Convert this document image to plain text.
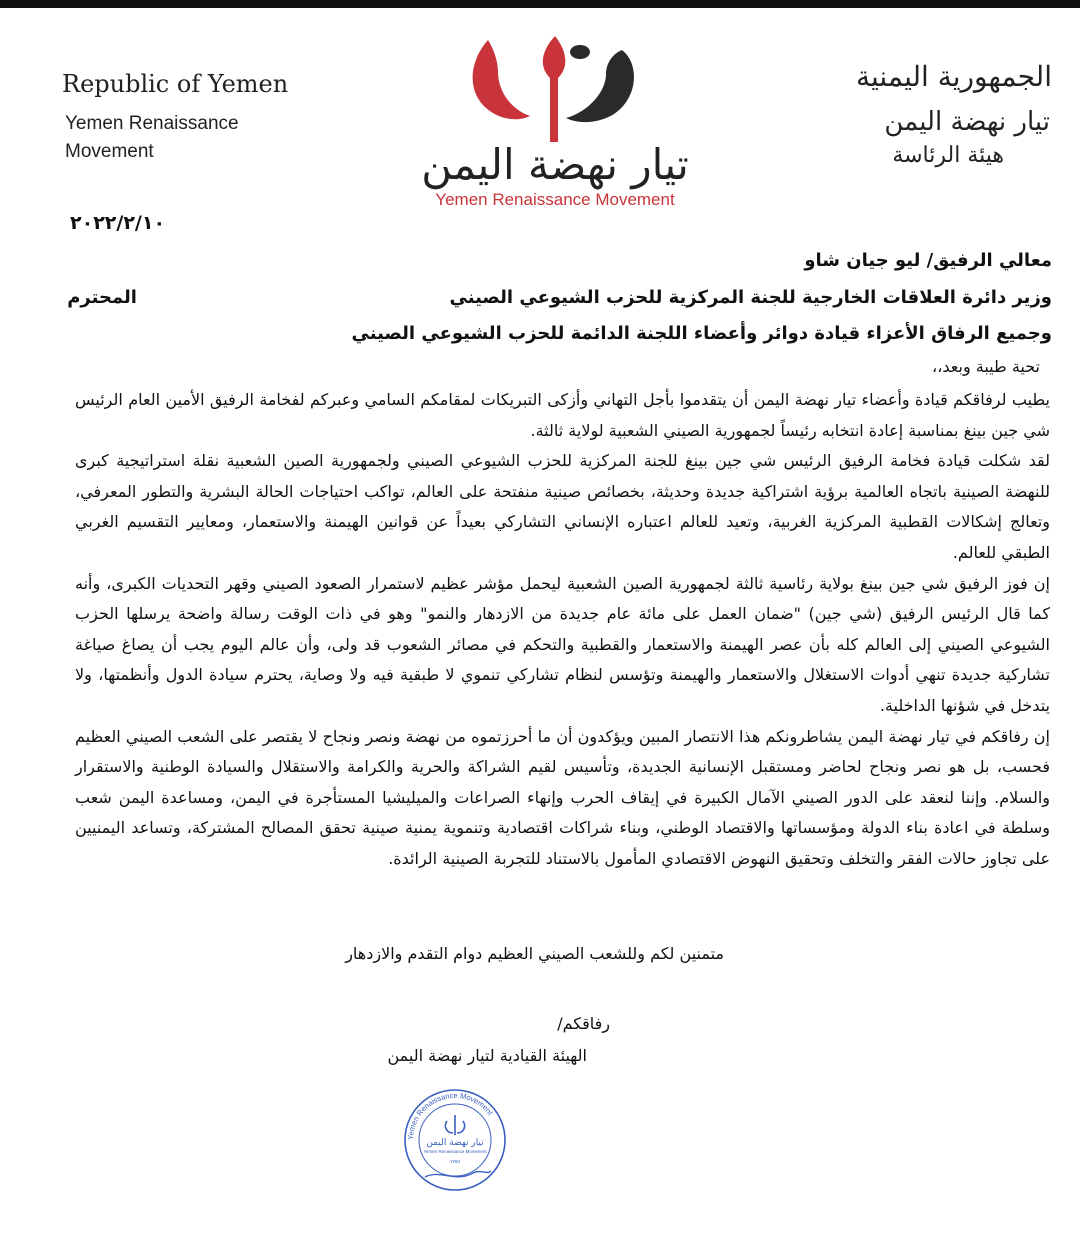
Republic of Yemen
Yemen Renaissance
Movement	تيار نهضة اليمن
Yemen Renaissance Movement
الجمهورية اليمنية
تيار نهضة اليمن
هيئة الرئاسة
٢٠٢٢/٢/١٠
معالي الرفيق/ ليو جيان شاو
وزير دائرة العلاقات الخارجية للجنة المركزية للحزب الشيوعي الصيني  المحترم
وجميع الرفاق الأعزاء قيادة دوائر وأعضاء اللجنة الدائمة للحزب الشيوعي الصيني
تحية طيبة وبعد،،

يطيب لرفاقكم قيادة وأعضاء تيار نهضة اليمن أن يتقدموا بأجل التهاني وأزكى التبريكات لمقامكم السامي وعبركم لفخامة الرفيق الأمين العام الرئيس شي جين بينغ بمناسبة إعادة انتخابه رئيساً لجمهورية الصيني الشعبية لولاية ثالثة.

لقد شكلت قيادة فخامة الرفيق الرئيس شي جين بينغ للجنة المركزية للحزب الشيوعي الصيني ولجمهورية الصين الشعبية نقلة استراتيجية كبرى للنهضة الصينية باتجاه العالمية برؤية اشتراكية جديدة وحديثة، بخصائص صينية منفتحة على العالم، تواكب احتياجات الحالة البشرية والتطور المعرفي، وتعالج إشكالات القطبية المركزية الغربية، وتعيد للعالم اعتباره الإنساني التشاركي بعيداً عن قوانين الهيمنة والاستعمار، ومعايير التقسيم الغربي الطبقي للعالم.

إن فوز الرفيق شي جين بينغ بولاية رئاسية ثالثة لجمهورية الصين الشعبية ليحمل مؤشر عظيم لاستمرار الصعود الصيني وقهر التحديات الكبرى، وأنه كما قال الرئيس الرفيق (شي جين) "ضمان العمل على مائة عام جديدة من الازدهار والنمو" وهو في ذات الوقت رسالة واضحة يرسلها الحزب الشيوعي الصيني إلى العالم كله بأن عصر الهيمنة والاستعمار والقطبية والتحكم في مصائر الشعوب قد ولى، وأن عالم اليوم يجب أن يصاغ صياغة تشاركية جديدة تنهي أدوات الاستغلال والاستعمار والهيمنة وتؤسس لنظام تشاركي تنموي لا طبقية فيه ولا وصاية، يحترم سيادة الدول وأنظمتها، ولا يتدخل في شؤنها الداخلية.

إن رفاقكم في تيار نهضة اليمن يشاطرونكم هذا الانتصار المبين ويؤكدون أن ما أحرزتموه من نهضة ونصر ونجاح لا يقتصر على الشعب الصيني العظيم فحسب، بل هو نصر ونجاح لحاضر ومستقبل الإنسانية الجديدة، وتأسيس لقيم الشراكة والحرية والكرامة والاستقلال والسيادة الوطنية والاستقرار والسلام. وإننا لنعقد على الدور الصيني الآمال الكبيرة في إيقاف الحرب وإنهاء الصراعات والميليشيا المستأجرة في اليمن، ومساعدة اليمن شعب وسلطة في اعادة بناء الدولة ومؤسساتها والاقتصاد الوطني، وبناء شراكات اقتصادية وتنموية يمنية صينية تحقق المصالح المشتركة، وتساعد اليمنيين على تجاوز حالات الفقر والتخلف وتحقيق النهوض الاقتصادي المأمول بالاستناد للتجربة الصينية الرائدة.

متمنين لكم وللشعب الصيني العظيم دوام التقدم والازدهار
رفاقكم/
الهيئة القيادية لتيار نهضة اليمن
Yemen Renaissance Movement
تيار نهضة اليمن
Yemen Renaissance Movement
YRM
